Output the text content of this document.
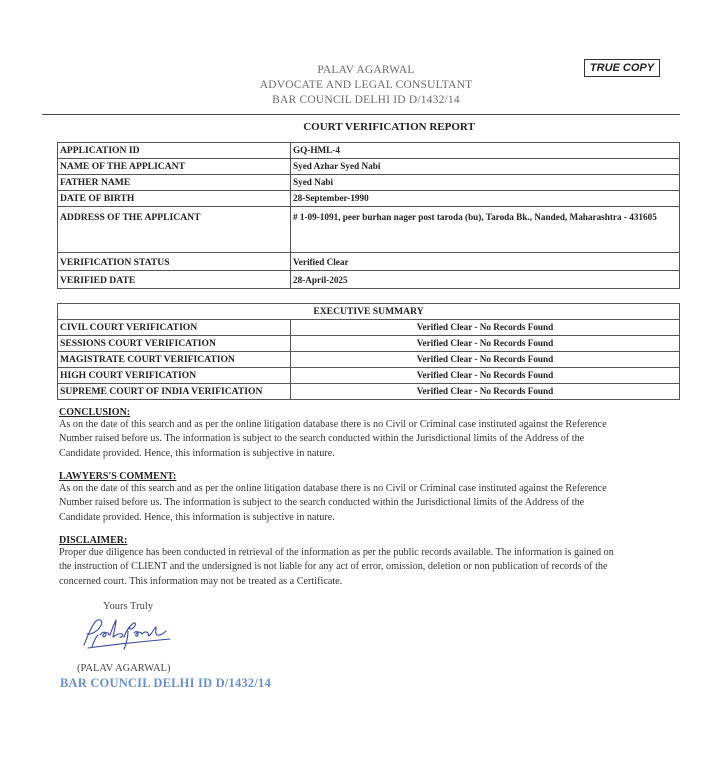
PALAV AGARWAL
ADVOCATE AND LEGAL CONSULTANT
BAR COUNCIL DELHI ID D/1432/14
TRUE COPY
COURT VERIFICATION REPORT
APPLICATION ID	GQ-HML-4
NAME OF THE APPLICANT	Syed Azhar Syed Nabi
FATHER NAME	Syed Nabi
DATE OF BIRTH	28-September-1990
ADDRESS OF THE APPLICANT	# 1-09-1091, peer burhan nager post taroda (bu), Taroda Bk., Nanded, Maharashtra - 431605
VERIFICATION STATUS	Verified Clear
VERIFIED DATE	28-April-2025
EXECUTIVE SUMMARY	
CIVIL COURT VERIFICATION	Verified Clear - No Records Found
SESSIONS COURT VERIFICATION	Verified Clear - No Records Found
MAGISTRATE COURT VERIFICATION	Verified Clear - No Records Found
HIGH COURT VERIFICATION	Verified Clear - No Records Found
SUPREME COURT OF INDIA VERIFICATION	Verified Clear - No Records Found
CONCLUSION:
As on the date of this search and as per the online litigation database there is no Civil or Criminal case instituted against the Reference
Number raised before us. The information is subject to the search conducted within the Jurisdictional limits of the Address of the
Candidate provided. Hence, this information is subjective in nature.
LAWYERS'S COMMENT:
As on the date of this search and as per the online litigation database there is no Civil or Criminal case instituted against the Reference
Number raised before us. The information is subject to the search conducted within the Jurisdictional limits of the Address of the
Candidate provided. Hence, this information is subjective in nature.
DISCLAIMER:
Proper due diligence has been conducted in retrieval of the information as per the public records available. The information is gained on
the instruction of CLIENT and the undersigned is not liable for any act of error, omission, deletion or non publication of records of the
concerned court. This information may not be treated as a Certificate.
Yours Truly
(PALAV AGARWAL)
BAR COUNCIL DELHI ID D/1432/14
